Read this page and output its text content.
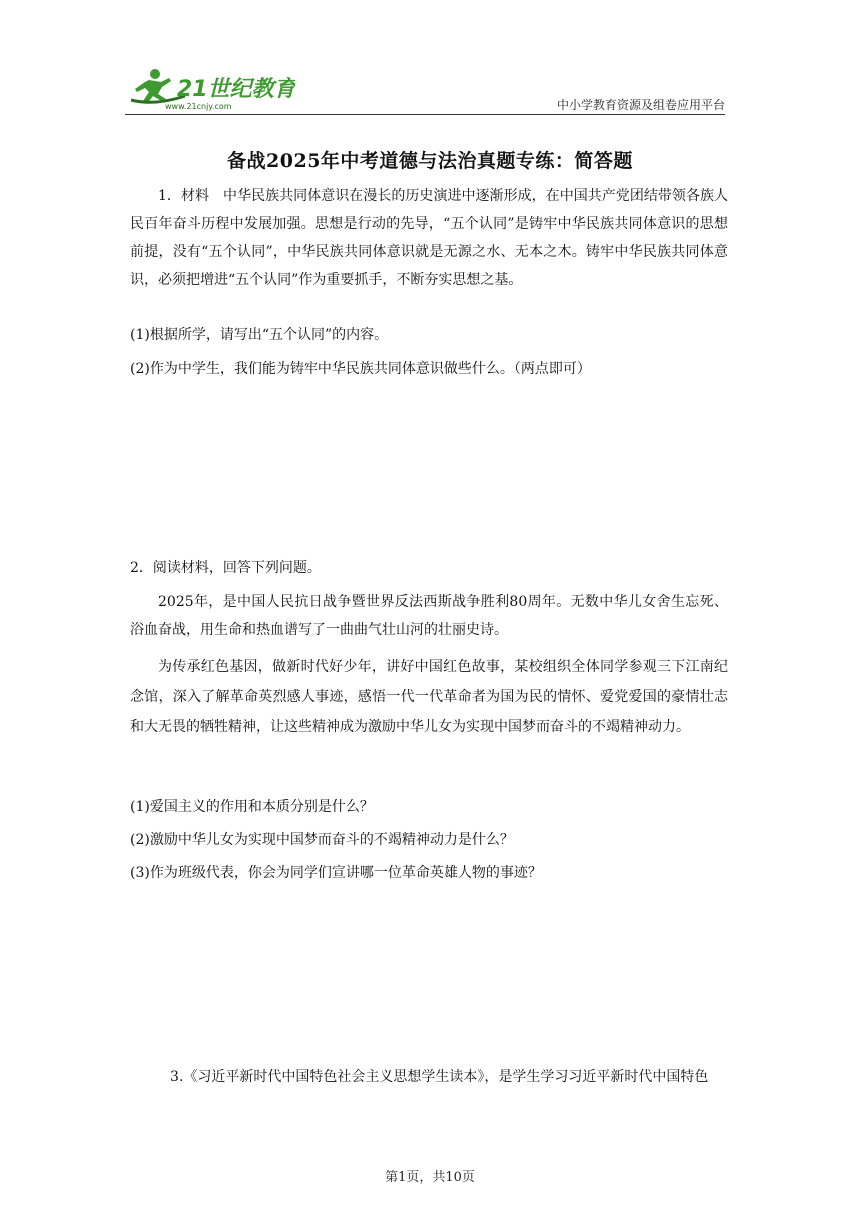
21世纪教育
www.21cnjy.com	中小学教育资源及组卷应用平台
备战2025年中考道德与法治真题专练：简答题

1．材料　中华民族共同体意识在漫长的历史演进中逐渐形成，在中国共产党团结带领各族人民百年奋斗历程中发展加强。思想是行动的先导，“五个认同”是铸牢中华民族共同体意识的思想前提，没有“五个认同”，中华民族共同体意识就是无源之水、无本之木。铸牢中华民族共同体意识，必须把增进“五个认同”作为重要抓手，不断夯实思想之基。

(1)根据所学，请写出“五个认同”的内容。

(2)作为中学生，我们能为铸牢中华民族共同体意识做些什么。（两点即可）

2．阅读材料，回答下列问题。

2025年，是中国人民抗日战争暨世界反法西斯战争胜利80周年。无数中华儿女舍生忘死、浴血奋战，用生命和热血谱写了一曲曲气壮山河的壮丽史诗。

为传承红色基因，做新时代好少年，讲好中国红色故事，某校组织全体同学参观三下江南纪念馆，深入了解革命英烈感人事迹，感悟一代一代革命者为国为民的情怀、爱党爱国的豪情壮志和大无畏的牺牲精神，让这些精神成为激励中华儿女为实现中国梦而奋斗的不竭精神动力。

(1)爱国主义的作用和本质分别是什么？

(2)激励中华儿女为实现中国梦而奋斗的不竭精神动力是什么？

(3)作为班级代表，你会为同学们宣讲哪一位革命英雄人物的事迹？

3.《习近平新时代中国特色社会主义思想学生读本》，是学生学习习近平新时代中国特色

第1页，共10页
